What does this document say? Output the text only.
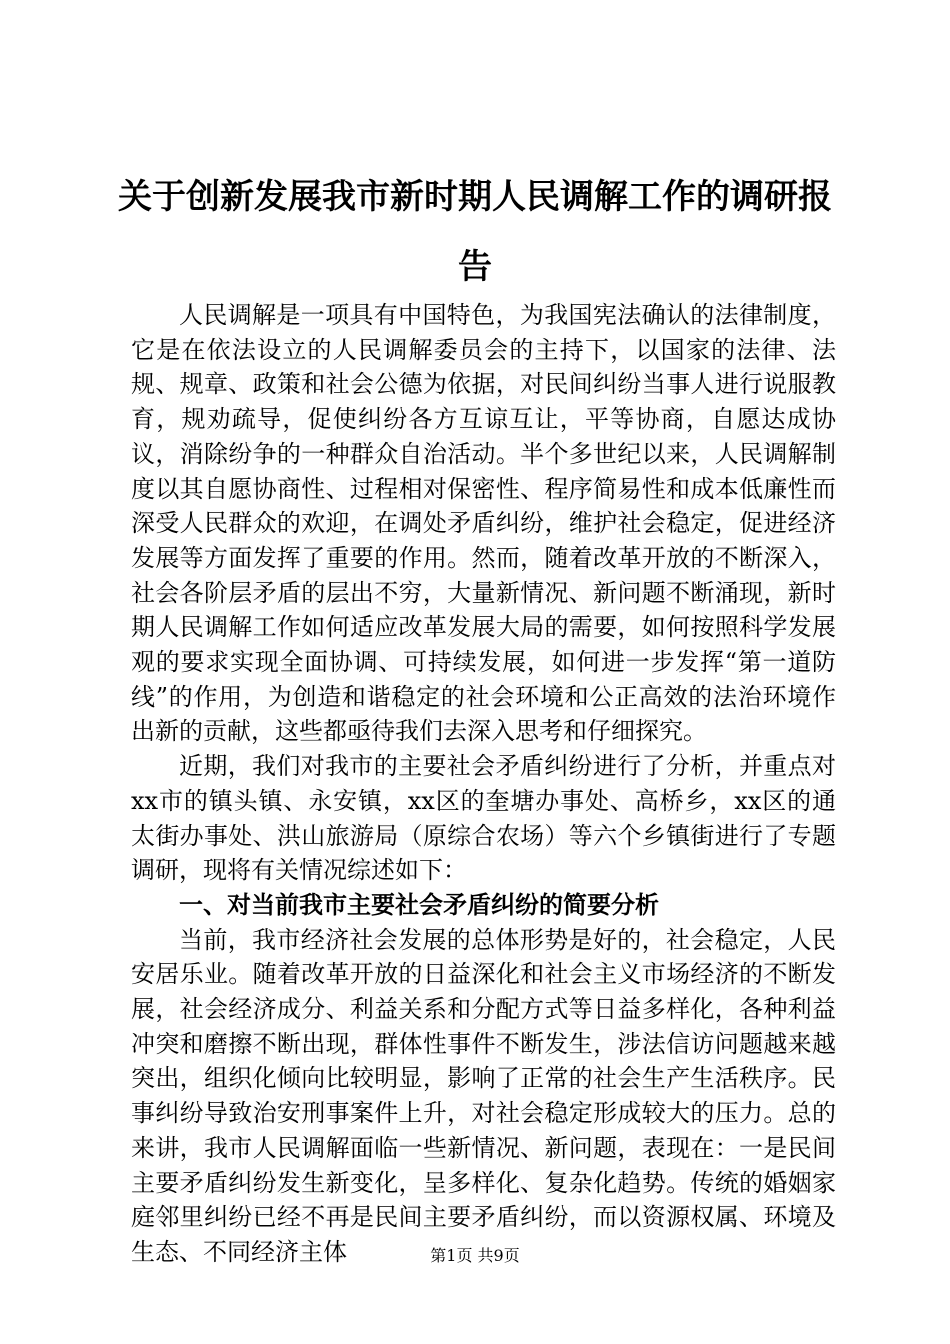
关于创新发展我市新时期人民调解工作的调研报告

人民调解是一项具有中国特色，为我国宪法确认的法律制度，它是在依法设立的人民调解委员会的主持下，以国家的法律、法规、规章、政策和社会公德为依据，对民间纠纷当事人进行说服教育，规劝疏导，促使纠纷各方互谅互让，平等协商，自愿达成协议，消除纷争的一种群众自治活动。半个多世纪以来，人民调解制度以其自愿协商性、过程相对保密性、程序简易性和成本低廉性而深受人民群众的欢迎，在调处矛盾纠纷，维护社会稳定，促进经济发展等方面发挥了重要的作用。然而，随着改革开放的不断深入，社会各阶层矛盾的层出不穷，大量新情况、新问题不断涌现，新时期人民调解工作如何适应改革发展大局的需要，如何按照科学发展观的要求实现全面协调、可持续发展，如何进一步发挥“第一道防线”的作用，为创造和谐稳定的社会环境和公正高效的法治环境作出新的贡献，这些都亟待我们去深入思考和仔细探究。

近期，我们对我市的主要社会矛盾纠纷进行了分析，并重点对xx市的镇头镇、永安镇，xx区的奎塘办事处、高桥乡，xx区的通太街办事处、洪山旅游局（原综合农场）等六个乡镇街进行了专题调研，现将有关情况综述如下：

一、对当前我市主要社会矛盾纠纷的简要分析

当前，我市经济社会发展的总体形势是好的，社会稳定，人民安居乐业。随着改革开放的日益深化和社会主义市场经济的不断发展，社会经济成分、利益关系和分配方式等日益多样化，各种利益冲突和磨擦不断出现，群体性事件不断发生，涉法信访问题越来越突出，组织化倾向比较明显，影响了正常的社会生产生活秩序。民事纠纷导致治安刑事案件上升，对社会稳定形成较大的压力。总的来讲，我市人民调解面临一些新情况、新问题，表现在：一是民间主要矛盾纠纷发生新变化，呈多样化、复杂化趋势。传统的婚姻家庭邻里纠纷已经不再是民间主要矛盾纠纷，而以资源权属、环境及生态、不同经济主体	第1页 共9页
